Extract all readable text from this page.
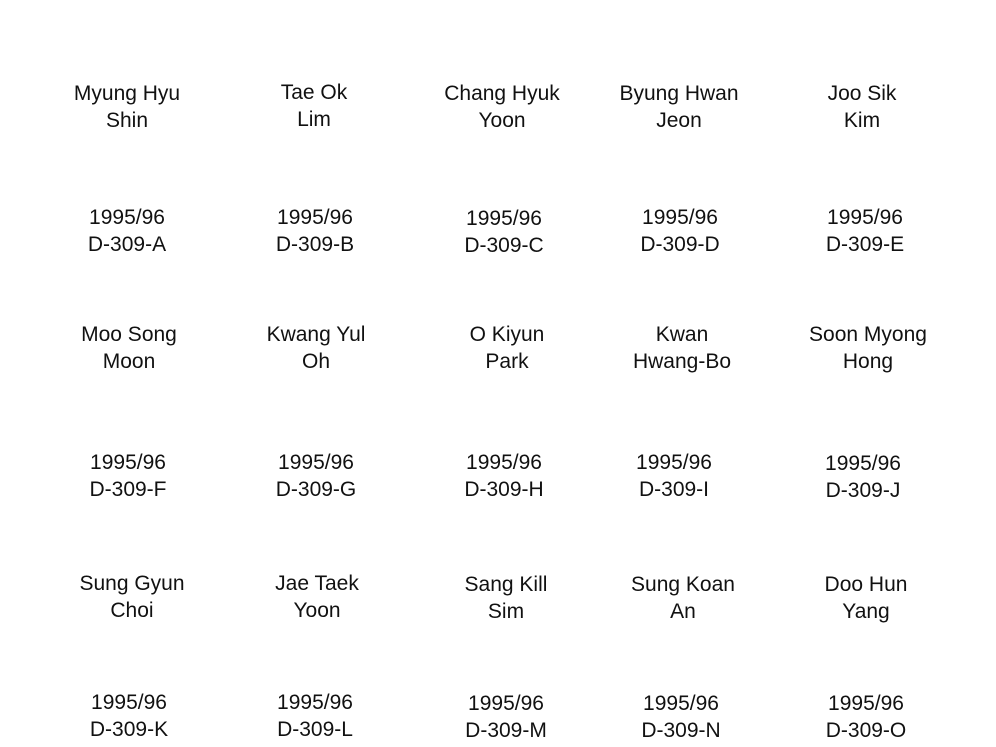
Myung Hyu
Shin
Tae Ok
Lim
Chang Hyuk
Yoon
Byung Hwan
Jeon
Joo Sik
Kim
1995/96
D-309-A
1995/96
D-309-B
1995/96
D-309-C
1995/96
D-309-D
1995/96
D-309-E
Moo Song
Moon
Kwang Yul
Oh
O Kiyun
Park
Kwan
Hwang-Bo
Soon Myong
Hong
1995/96
D-309-F
1995/96
D-309-G
1995/96
D-309-H
1995/96
D-309-I
1995/96
D-309-J
Sung Gyun
Choi
Jae Taek
Yoon
Sang Kill
Sim
Sung Koan
An
Doo Hun
Yang
1995/96
D-309-K
1995/96
D-309-L
1995/96
D-309-M
1995/96
D-309-N
1995/96
D-309-O
